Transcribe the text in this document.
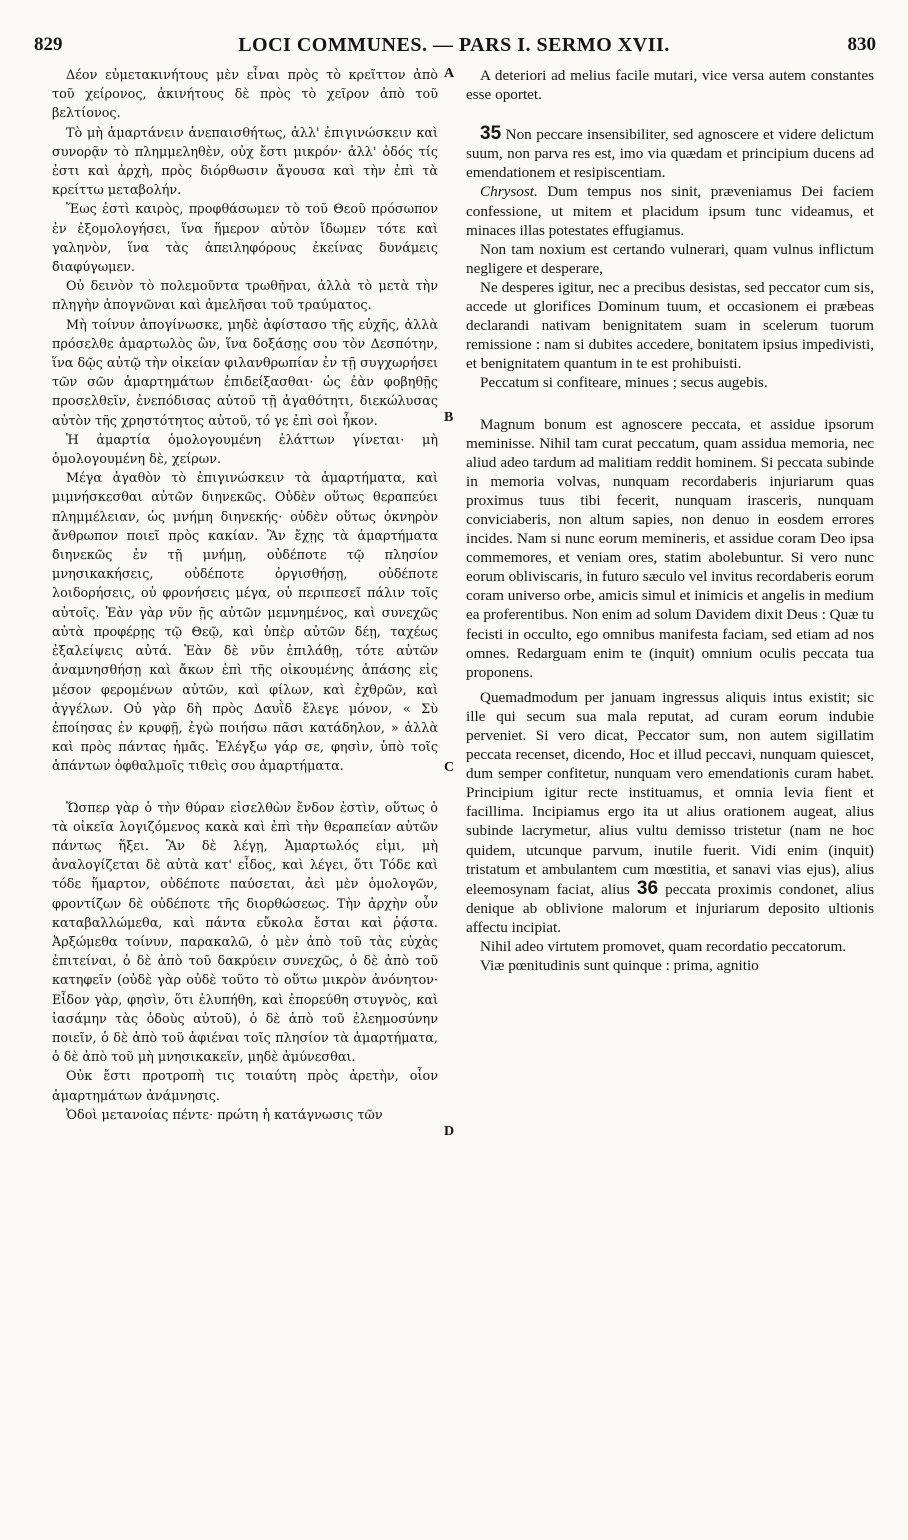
829	LOCI COMMUNES. — PARS I. SERMO XVII.	830
A
B
C
D

Δέον εὐμετακινήτους μὲν εἶναι πρὸς τὸ κρεῖττον ἀπὸ τοῦ χείρονος, ἀκινήτους δὲ πρὸς τὸ χεῖρον ἀπὸ τοῦ βελτίονος.

Τὸ μὴ ἁμαρτάνειν ἀνεπαισθήτως, ἀλλ' ἐπιγινώσκειν καὶ συνορᾷν τὸ πλημμεληθὲν, οὐχ ἔστι μικρόν· ἀλλ' ὁδός τίς ἐστι καὶ ἀρχὴ, πρὸς διόρθωσιν ἄγουσα καὶ τὴν ἐπὶ τὰ κρείττω μεταβολήν.

Ἕως ἐστὶ καιρὸς, προφθάσωμεν τὸ τοῦ Θεοῦ πρόσωπον ἐν ἐξομολογήσει, ἵνα ἥμερον αὐτὸν ἴδωμεν τότε καὶ γαληνὸν, ἵνα τὰς ἀπειληφόρους ἐκείνας δυνάμεις διαφύγωμεν.

Οὐ δεινὸν τὸ πολεμοῦντα τρωθῆναι, ἀλλὰ τὸ μετὰ τὴν πληγὴν ἀπογνῶναι καὶ ἀμελῆσαι τοῦ τραύματος.

Μὴ τοίνυν ἀπογίνωσκε, μηδὲ ἀφίστασο τῆς εὐχῆς, ἀλλὰ πρόσελθε ἁμαρτωλὸς ὢν, ἵνα δοξάσῃς σου τὸν Δεσπότην, ἵνα δῷς αὐτῷ τὴν οἰκείαν φιλανθρωπίαν ἐν τῇ συγχωρήσει τῶν σῶν ἁμαρτημάτων ἐπιδείξασθαι· ὡς ἐὰν φοβηθῇς προσελθεῖν, ἐνεπόδισας αὐτοῦ τῇ ἀγαθότητι, διεκώλυσας αὐτὸν τῆς χρηστότητος αὐτοῦ, τό γε ἐπὶ σοὶ ἧκον.

Ἡ ἁμαρτία ὁμολογουμένη ἐλάττων γίνεται· μὴ ὁμολογουμένη δὲ, χείρων.

Μέγα ἀγαθὸν τὸ ἐπιγινώσκειν τὰ ἁμαρτήματα, καὶ μιμνήσκεσθαι αὐτῶν διηνεκῶς. Οὐδὲν οὕτως θεραπεύει πλημμέλειαν, ὡς μνήμη διηνεκής· οὐδὲν οὕτως ὀκνηρὸν ἄνθρωπον ποιεῖ πρὸς κακίαν. Ἂν ἔχῃς τὰ ἁμαρτήματα διηνεκῶς ἐν τῇ μνήμῃ, οὐδέποτε τῷ πλησίον μνησικακήσεις, οὐδέποτε ὀργισθήσῃ, οὐδέποτε λοιδορήσεις, οὐ φρονήσεις μέγα, οὐ περιπεσεῖ πάλιν τοῖς αὐτοῖς. Ἐὰν γὰρ νῦν ῇς αὐτῶν μεμνημένος, καὶ συνεχῶς αὐτὰ προφέρῃς τῷ Θεῷ, καὶ ὑπὲρ αὐτῶν δέῃ, ταχέως ἐξαλείψεις αὐτά. Ἐὰν δὲ νῦν ἐπιλάθῃ, τότε αὐτῶν ἀναμνησθήσῃ καὶ ἄκων ἐπὶ τῆς οἰκουμένης ἁπάσης εἰς μέσον φερομένων αὐτῶν, καὶ φίλων, καὶ ἐχθρῶν, καὶ ἀγγέλων. Οὐ γὰρ δὴ πρὸς Δαυῒδ ἔλεγε μόνον, « Σὺ ἐποίησας ἐν κρυφῇ, ἐγὼ ποιήσω πᾶσι κατάδηλον, » ἀλλὰ καὶ πρὸς πάντας ἡμᾶς. Ἐλέγξω γάρ σε, φησὶν, ὑπὸ τοῖς ἁπάντων ὀφθαλμοῖς τιθεὶς σου ἁμαρτήματα.

Ὥσπερ γὰρ ὁ τὴν θύραν εἰσελθὼν ἔνδον ἐστὶν, οὕτως ὁ τὰ οἰκεῖα λογιζόμενος κακὰ καὶ ἐπὶ τὴν θεραπείαν αὐτῶν πάντως ἥξει. Ἂν δὲ λέγῃ, Ἁμαρτωλός εἰμι, μὴ ἀναλογίζεται δὲ αὐτὰ κατ' εἶδος, καὶ λέγει, ὅτι Τόδε καὶ τόδε ἥμαρτον, οὐδέποτε παύσεται, ἀεὶ μὲν ὁμολογῶν, φροντίζων δὲ οὐδέποτε τῆς διορθώσεως. Τὴν ἀρχὴν οὖν καταβαλλώμεθα, καὶ πάντα εὔκολα ἔσται καὶ ῥᾴστα. Ἀρξώμεθα τοίνυν, παρακαλῶ, ὁ μὲν ἀπὸ τοῦ τὰς εὐχὰς ἐπιτείναι, ὁ δὲ ἀπὸ τοῦ δακρύειν συνεχῶς, ὁ δὲ ἀπὸ τοῦ κατηφεῖν (οὐδὲ γὰρ οὐδὲ τοῦτο τὸ οὕτω μικρὸν ἀνόνητον· Εἶδον γὰρ, φησὶν, ὅτι ἐλυπήθη, καὶ ἐπορεύθη στυγνὸς, καὶ ἰασάμην τὰς ὁδοὺς αὐτοῦ), ὁ δὲ ἀπὸ τοῦ ἐλεημοσύνην ποιεῖν, ὁ δὲ ἀπὸ τοῦ ἀφιέναι τοῖς πλησίον τὰ ἁμαρτήματα, ὁ δὲ ἀπὸ τοῦ μὴ μνησικακεῖν, μηδὲ ἀμύνεσθαι.

Οὐκ ἔστι προτροπὴ τις τοιαύτη πρὸς ἀρετὴν, οἷον ἁμαρτημάτων ἀνάμνησις.

Ὁδοὶ μετανοίας πέντε· πρώτη ἡ κατάγνωσις τῶν

A deteriori ad melius facile mutari, vice versa autem constantes esse oportet.

35 Non peccare insensibiliter, sed agnoscere et videre delictum suum, non parva res est, imo via quædam et principium ducens ad emendationem et resipiscentiam.

Chrysost. Dum tempus nos sinit, præveniamus Dei faciem confessione, ut mitem et placidum ipsum tunc videamus, et minaces illas potestates effugiamus.

Non tam noxium est certando vulnerari, quam vulnus inflictum negligere et desperare,

Ne desperes igitur, nec a precibus desistas, sed peccator cum sis, accede ut glorifices Dominum tuum, et occasionem ei præbeas declarandi nativam benignitatem suam in scelerum tuorum remissione : nam si dubites accedere, bonitatem ipsius impedivisti, et benignitatem quantum in te est prohibuisti.

Peccatum si confiteare, minues ; secus augebis.

Magnum bonum est agnoscere peccata, et assidue ipsorum meminisse. Nihil tam curat peccatum, quam assidua memoria, nec aliud adeo tardum ad malitiam reddit hominem. Si peccata subinde in memoria volvas, nunquam recordaberis injuriarum quas proximus tuus tibi fecerit, nunquam irasceris, nunquam conviciaberis, non altum sapies, non denuo in eosdem errores incides. Nam si nunc eorum memineris, et assidue coram Deo ipsa commemores, et veniam ores, statim abolebuntur. Si vero nunc eorum obliviscaris, in futuro sæculo vel invitus recordaberis eorum coram universo orbe, amicis simul et inimicis et angelis in medium ea proferentibus. Non enim ad solum Davidem dixit Deus : Quæ tu fecisti in occulto, ego omnibus manifesta faciam, sed etiam ad nos omnes. Redarguam enim te (inquit) omnium oculis peccata tua proponens.

Quemadmodum per januam ingressus aliquis intus existit; sic ille qui secum sua mala reputat, ad curam eorum indubie perveniet. Si vero dicat, Peccator sum, non autem sigillatim peccata recenset, dicendo, Hoc et illud peccavi, nunquam quiescet, dum semper confitetur, nunquam vero emendationis curam habet. Principium igitur recte instituamus, et omnia levia fient et facillima. Incipiamus ergo ita ut alius orationem augeat, alius subinde lacrymetur, alius vultu demisso tristetur (nam ne hoc quidem, utcunque parvum, inutile fuerit. Vidi enim (inquit) tristatum et ambulantem cum mœstitia, et sanavi vias ejus), alius eleemosynam faciat, alius 36 peccata proximis condonet, alius denique ab oblivione malorum et injuriarum deposito ultionis affectu incipiat.

Nihil adeo virtutem promovet, quam recordatio peccatorum.

Viæ pœnitudinis sunt quinque : prima, agnitio
